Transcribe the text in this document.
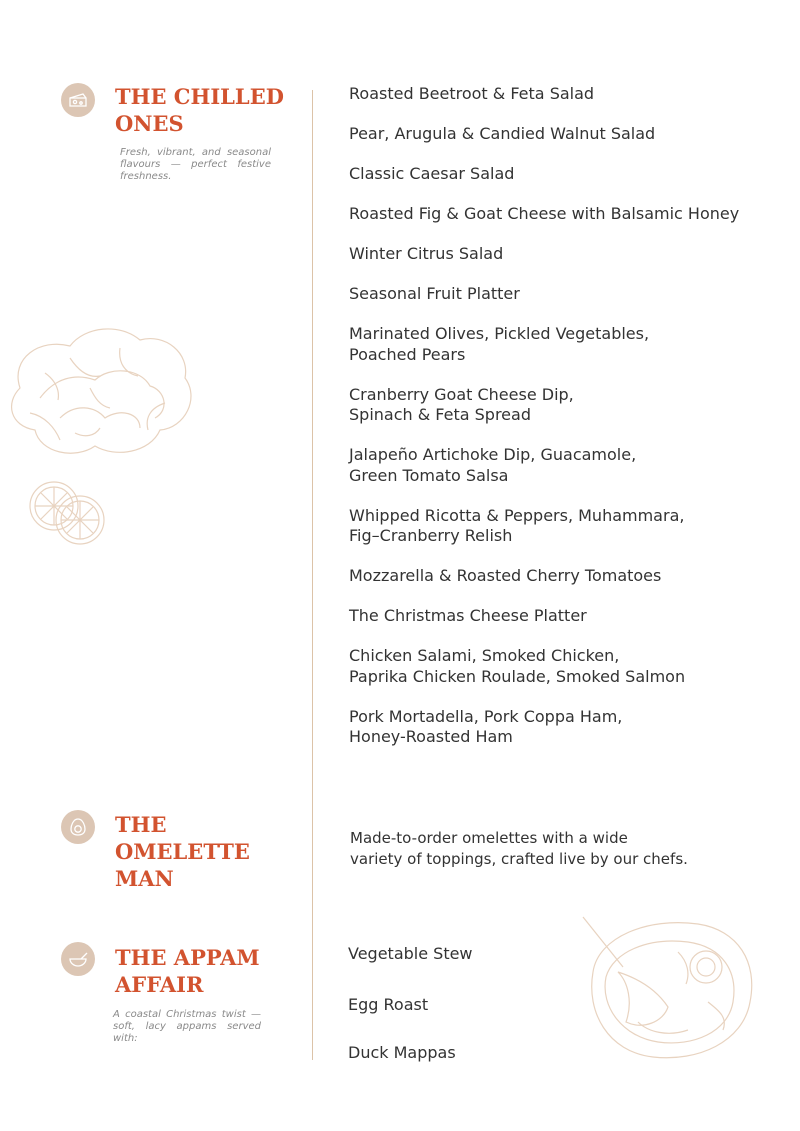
THE CHILLED
ONES

Fresh, vibrant, and seasonal flavours — perfect festive freshness.

Roasted Beetroot & Feta Salad
Pear, Arugula & Candied Walnut Salad
Classic Caesar Salad
Roasted Fig & Goat Cheese with Balsamic Honey
Winter Citrus Salad
Seasonal Fruit Platter
Marinated Olives, Pickled Vegetables,
Poached Pears
Cranberry Goat Cheese Dip,
Spinach & Feta Spread
Jalapeño Artichoke Dip, Guacamole,
Green Tomato Salsa
Whipped Ricotta & Peppers, Muhammara,
Fig–Cranberry Relish
Mozzarella & Roasted Cherry Tomatoes
The Christmas Cheese Platter
Chicken Salami, Smoked Chicken,
Paprika Chicken Roulade, Smoked Salmon
Pork Mortadella, Pork Coppa Ham,
Honey-Roasted Ham
THE
OMELETTE
MAN

Made-to-order omelettes with a wide
variety of toppings, crafted live by our chefs.

THE APPAM
AFFAIR

A coastal Christmas twist — soft, lacy appams served with:

Vegetable Stew

Egg Roast

Duck Mappas
